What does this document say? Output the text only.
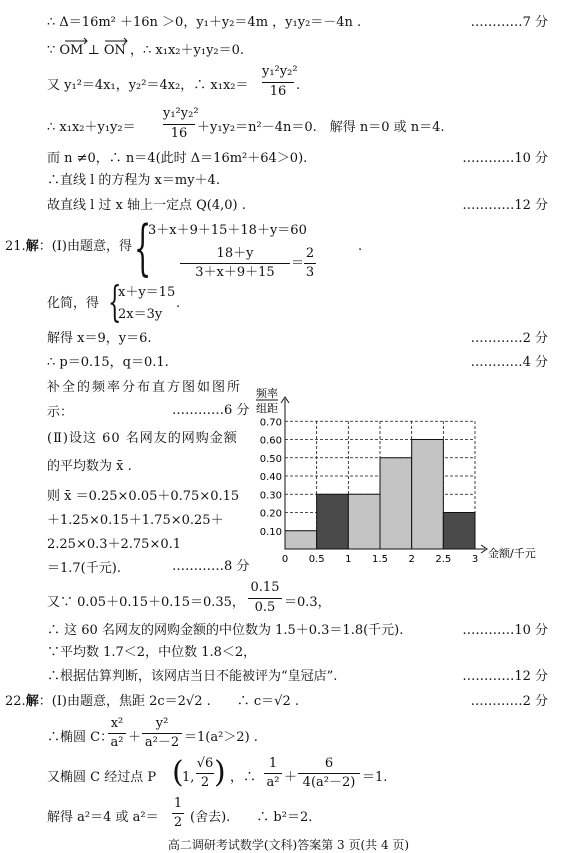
∴ Δ＝16m² ＋16n ＞0，y₁＋y₂＝4m ，y₁y₂＝－4n .	…………7 分
∵ OM ⊥ ON ，∴ x₁x₂＋y₁y₂＝0.
又 y₁²＝4x₁，y₂²＝4x₂，∴ x₁x₂＝
y₁²y₂²
16 .
∴ x₁x₂＋y₁y₂＝
y₁²y₂²
16 ＋y₁y₂＝n²－4n＝0.　解得 n＝0 或 n＝4.
而 n ≠0，∴ n＝4(此时 Δ＝16m²＋64＞0).	…………10 分
∴直线 l 的方程为 x＝my＋4.
故直线 l 过 x 轴上一定点 Q(4,0) .	…………12 分
21.解：(Ⅰ)由题意，得 {
3＋x＋9＋15＋18＋y＝60
18＋y
3＋x＋9＋15
＝
2
3
.
化简，得 {
x＋y＝15
2x＝3y
.
解得 x＝9，y＝6.	…………2 分
∴ p＝0.15，q＝0.1.	…………4 分
补全的频率分布直方图如图所
示：	…………6 分
(Ⅱ)设这 60 名网友的网购金额
的平均数为 x̄ .
则 x̄ ＝0.25×0.05＋0.75×0.15
＋1.25×0.15＋1.75×0.25＋
2.25×0.3＋2.75×0.1
＝1.7(千元).	…………8 分
频率
组距
0.10
0.20
0.30
0.40
0.50
0.60
0.70
0 0.5 1 1.5 2 2.5 3 金额/千元
又∵ 0.05＋0.15＋0.15＝0.35，
0.15
0.5 ＝0.3，
∴ 这 60 名网友的网购金额的中位数为 1.5＋0.3＝1.8(千元).	…………10 分
∵平均数 1.7＜2，中位数 1.8＜2，
∴根据估算判断，该网店当日不能被评为“皇冠店”.	…………12 分
22.解：(Ⅰ)由题意，焦距 2c＝2√2 .　　∴ c＝√2 .	…………2 分
∴椭圆 C：
x²
a² ＋
y²
a²－2 ＝1(a²＞2) .
又椭圆 C 经过点 P (
1,
√6
2 ) ，∴
1
a² ＋
6
4(a²－2) ＝1.
解得 a²＝4 或 a²＝
1
2 (舍去).　　∴ b²＝2.
高二调研考试数学(文科)答案第 3 页(共 4 页)
